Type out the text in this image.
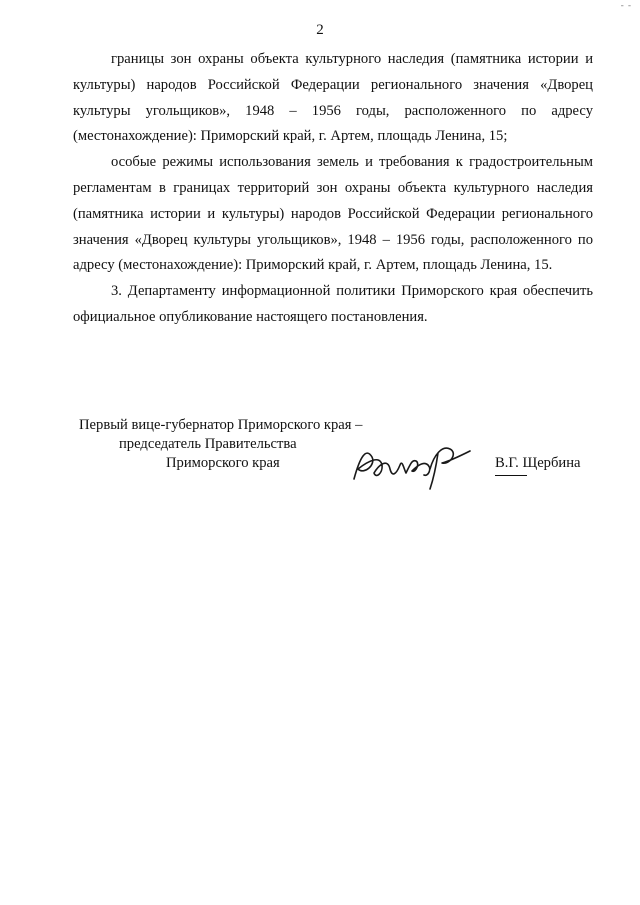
- -
2

границы зон охраны объекта культурного наследия (памятника истории и культуры) народов Российской Федерации регионального значения «Дворец культуры угольщиков», 1948 – 1956 годы, расположенного по адресу (местонахождение): Приморский край, г. Артем, площадь Ленина, 15;

особые режимы использования земель и требования к градостроительным регламентам в границах территорий зон охраны объекта культурного наследия (памятника истории и культуры) народов Российской Федерации регионального значения «Дворец культуры угольщиков», 1948 – 1956 годы, расположенного по адресу (местонахождение): Приморский край, г. Артем, площадь Ленина, 15.

3. Департаменту информационной политики Приморского края обеспечить официальное опубликование настоящего постановления.

Первый вице-губернатор Приморского края –
председатель Правительства
Приморского края	В.Г. Щербина
